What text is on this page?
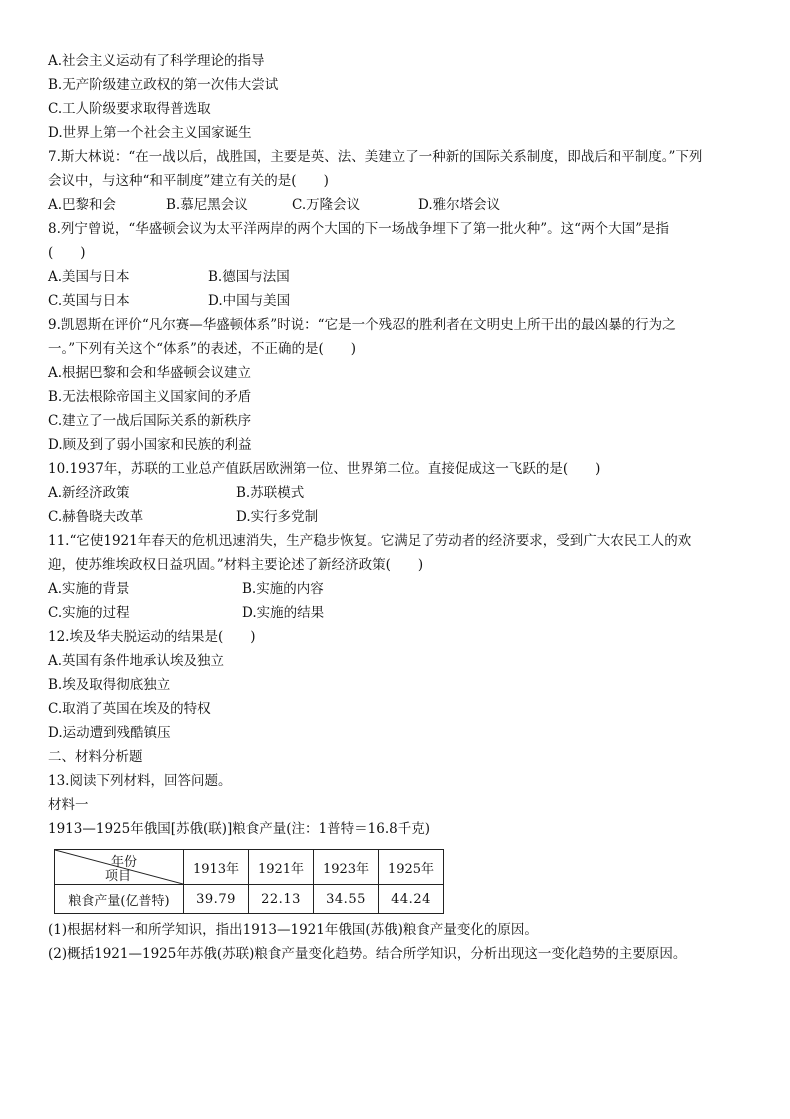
A.社会主义运动有了科学理论的指导
B.无产阶级建立政权的第一次伟大尝试
C.工人阶级要求取得普选取
D.世界上第一个社会主义国家诞生
7.斯大林说：“在一战以后，战胜国，主要是英、法、美建立了一种新的国际关系制度，即战后和平制度。”下列
会议中，与这种“和平制度”建立有关的是(　　)
A.巴黎和会	B.慕尼黑会议	C.万隆会议	D.雅尔塔会议
8.列宁曾说，“华盛顿会议为太平洋两岸的两个大国的下一场战争埋下了第一批火种”。这“两个大国”是指
(　　)
A.美国与日本	B.德国与法国
C.英国与日本	D.中国与美国
9.凯恩斯在评价“凡尔赛—华盛顿体系”时说：“它是一个残忍的胜利者在文明史上所干出的最凶暴的行为之
一。”下列有关这个“体系”的表述，不正确的是(　　)
A.根据巴黎和会和华盛顿会议建立
B.无法根除帝国主义国家间的矛盾
C.建立了一战后国际关系的新秩序
D.顾及到了弱小国家和民族的利益
10.1937年，苏联的工业总产值跃居欧洲第一位、世界第二位。直接促成这一飞跃的是(　　)
A.新经济政策	B.苏联模式
C.赫鲁晓夫改革	D.实行多党制
11.“它使1921年春天的危机迅速消失，生产稳步恢复。它满足了劳动者的经济要求，受到广大农民工人的欢
迎，使苏维埃政权日益巩固。”材料主要论述了新经济政策(　　)
A.实施的背景	B.实施的内容
C.实施的过程	D.实施的结果
12.埃及华夫脱运动的结果是(　　)
A.英国有条件地承认埃及独立
B.埃及取得彻底独立
C.取消了英国在埃及的特权
D.运动遭到残酷镇压
二、材料分析题
13.阅读下列材料，回答问题。
材料一
1913—1925年俄国[苏俄(联)]粮食产量(注：1普特＝16.8千克)
年份
项目	1913年	1921年	1923年	1925年
粮食产量(亿普特)	39.79	22.13	34.55	44.24
(1)根据材料一和所学知识，指出1913—1921年俄国(苏俄)粮食产量变化的原因。
(2)概括1921—1925年苏俄(苏联)粮食产量变化趋势。结合所学知识，分析出现这一变化趋势的主要原因。
